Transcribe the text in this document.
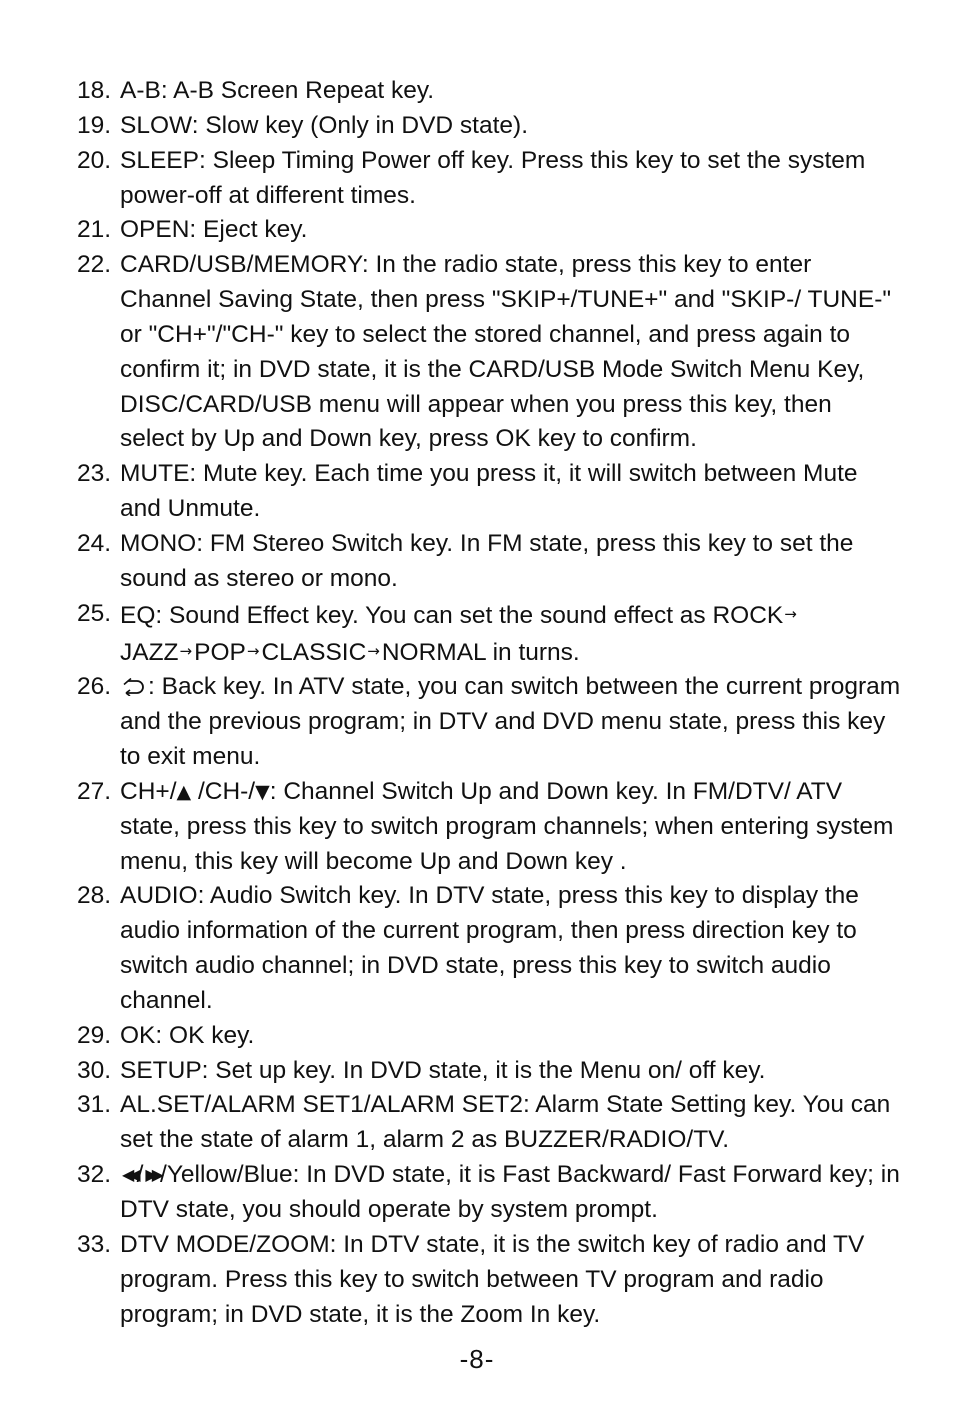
18. A-B: A-B Screen Repeat key.
19. SLOW: Slow key (Only in DVD state).
20. SLEEP: Sleep Timing Power off key. Press this key to set the system power-off at different times.
21. OPEN: Eject key.
22. CARD/USB/MEMORY: In the radio state, press this key to enter Channel Saving State, then press "SKIP+/TUNE+" and "SKIP-/ TUNE-" or "CH+"/"CH-" key to select the stored channel, and press again to confirm it; in DVD state, it is the CARD/USB Mode Switch Menu Key, DISC/CARD/USB menu will appear when you press this key, then select by Up and Down key, press OK key to confirm.
23. MUTE: Mute key. Each time you press it, it will switch between Mute and Unmute.
24. MONO: FM Stereo Switch key. In FM state, press this key to set the sound as stereo or mono.
25. EQ: Sound Effect key. You can set the sound effect as ROCK→
JAZZ→POP→CLASSIC→NORMAL in turns.
26. : Back key. In ATV state, you can switch between the current program and the previous program; in DTV and DVD menu state, press this key to exit menu.
27. CH+/▲ /CH-/▼: Channel Switch Up and Down key. In FM/DTV/ ATV state, press this key to switch program channels; when entering system menu, this key will become Up and Down key .
28. AUDIO: Audio Switch key. In DTV state, press this key to display the audio information of the current program, then press direction key to switch audio channel; in DVD state, press this key to switch audio channel.
29. OK: OK key.
30. SETUP: Set up key. In DVD state, it is the Menu on/ off key.
31. AL.SET/ALARM SET1/ALARM SET2: Alarm State Setting key. You can set the state of alarm 1, alarm 2 as BUZZER/RADIO/TV.
32. ◀◀/ ▶▶/Yellow/Blue: In DVD state, it is Fast Backward/ Fast Forward key; in DTV state, you should operate by system prompt.
33. DTV MODE/ZOOM: In DTV state, it is the switch key of radio and TV program. Press this key to switch between TV program and radio program; in DVD state, it is the Zoom In key.
-8-
